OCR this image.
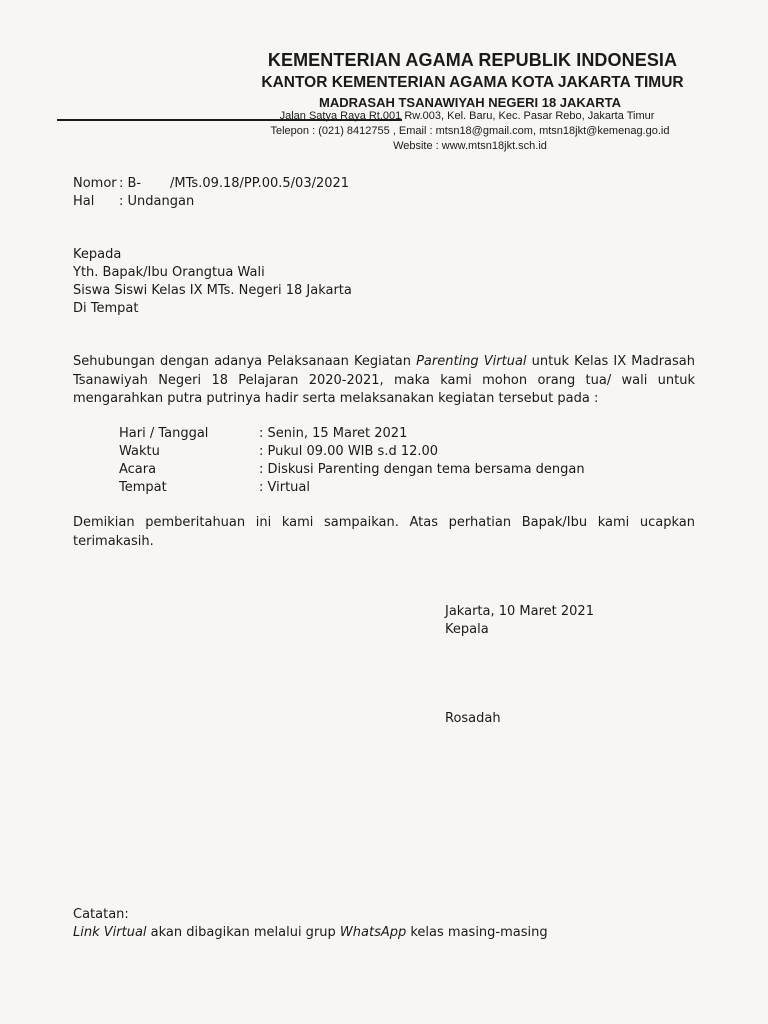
KEMENTERIAN AGAMA REPUBLIK INDONESIA
KANTOR KEMENTERIAN AGAMA KOTA JAKARTA TIMUR
MADRASAH TSANAWIYAH NEGERI 18 JAKARTA
Jalan Satya Raya Rt.001 Rw.003, Kel. Baru, Kec. Pasar Rebo, Jakarta Timur
Telepon : (021) 8412755 , Email : mtsn18@gmail.com, mtsn18jkt@kemenag.go.id
Website : www.mtsn18jkt.sch.id
Nomor : B-       /MTs.09.18/PP.00.5/03/2021
Hal : Undangan
Kepada
Yth. Bapak/Ibu Orangtua Wali
Siswa Siswi Kelas IX MTs. Negeri 18 Jakarta
Di Tempat
Sehubungan dengan adanya Pelaksanaan Kegiatan Parenting Virtual untuk Kelas IX Madrasah Tsanawiyah Negeri 18 Pelajaran 2020-2021, maka kami mohon orang tua/ wali untuk mengarahkan putra putrinya hadir serta melaksanakan kegiatan tersebut pada :
Hari / Tanggal	: Senin, 15 Maret 2021
Waktu	: Pukul 09.00 WIB s.d 12.00
Acara	: Diskusi Parenting dengan tema bersama dengan
Tempat	: Virtual
Demikian pemberitahuan ini kami sampaikan. Atas perhatian Bapak/Ibu kami ucapkan terimakasih.
Jakarta, 10 Maret 2021
Kepala
Rosadah
Catatan:
Link Virtual akan dibagikan melalui grup WhatsApp kelas masing-masing
